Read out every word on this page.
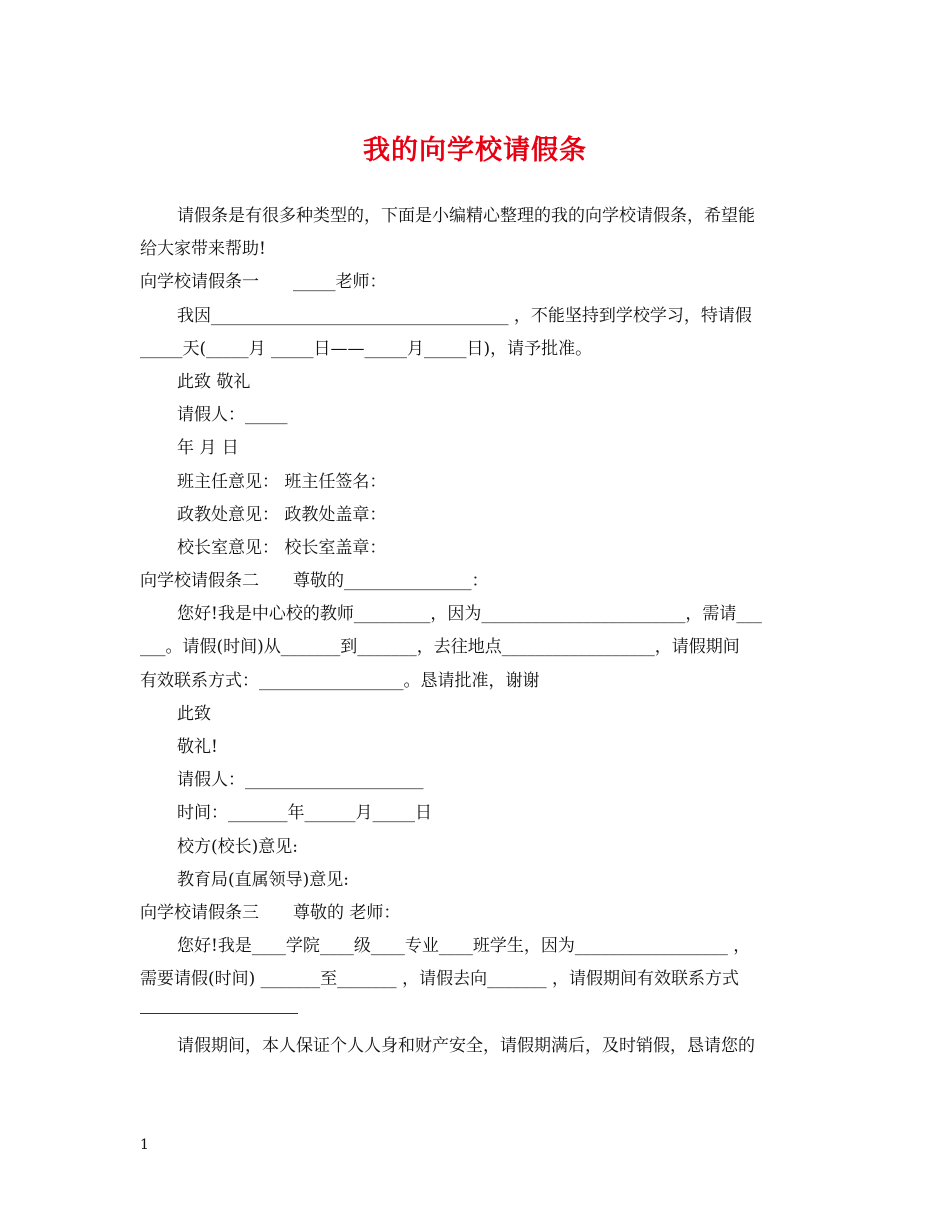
我的向学校请假条
请假条是有很多种类型的，下面是小编精心整理的我的向学校请假条，希望能
给大家带来帮助!
向学校请假条一　　_____老师：
我因___________________________________ ，不能坚持到学校学习，特请假
_____天(_____月 _____日——_____月_____日)，请予批准。
此致 敬礼
请假人：_____
年 月 日
班主任意见： 班主任签名：
政教处意见： 政教处盖章：
校长室意见： 校长室盖章：
向学校请假条二　　尊敬的_______________：
您好!我是中心校的教师_________，因为________________________，需请___
___。请假(时间)从_______到_______，去往地点__________________，请假期间
有效联系方式：_________________。恳请批准，谢谢
此致
敬礼!
请假人：_____________________
时间：_______年______月_____日
校方(校长)意见:
教育局(直属领导)意见:
向学校请假条三　　尊敬的 老师：
您好!我是____学院____级____专业____班学生，因为__________________ ，
需要请假(时间) _______至_______ ，请假去向_______ ，请假期间有效联系方式
请假期间，本人保证个人人身和财产安全，请假期满后，及时销假，恳请您的
1
